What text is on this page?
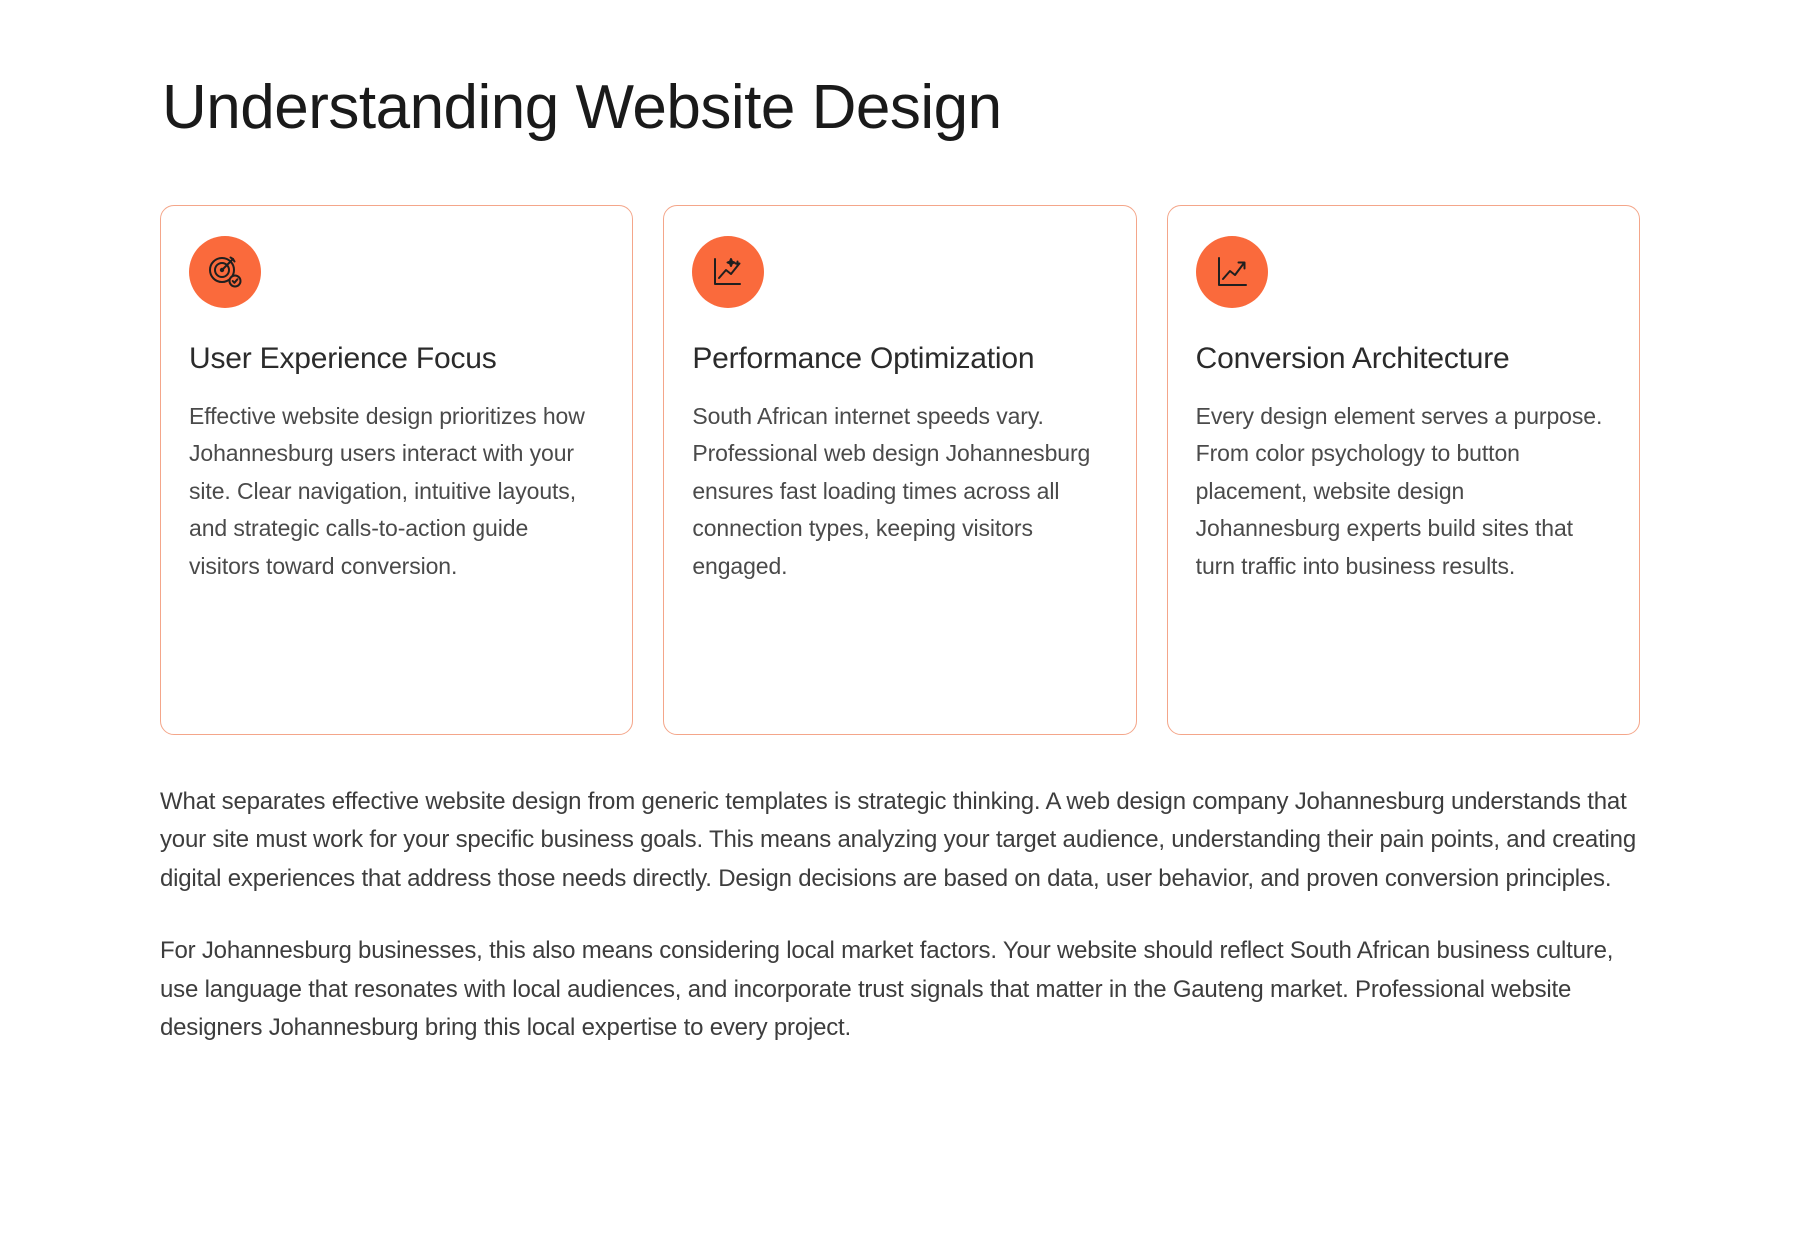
Understanding Website Design
User Experience Focus
Effective website design prioritizes how Johannesburg users interact with your site. Clear navigation, intuitive layouts, and strategic calls-to-action guide visitors toward conversion.
Performance Optimization
South African internet speeds vary. Professional web design Johannesburg ensures fast loading times across all connection types, keeping visitors engaged.
Conversion Architecture
Every design element serves a purpose. From color psychology to button placement, website design Johannesburg experts build sites that turn traffic into business results.

What separates effective website design from generic templates is strategic thinking. A web design company Johannesburg understands that your site must work for your specific business goals. This means analyzing your target audience, understanding their pain points, and creating digital experiences that address those needs directly. Design decisions are based on data, user behavior, and proven conversion principles.

For Johannesburg businesses, this also means considering local market factors. Your website should reflect South African business culture, use language that resonates with local audiences, and incorporate trust signals that matter in the Gauteng market. Professional website designers Johannesburg bring this local expertise to every project.
